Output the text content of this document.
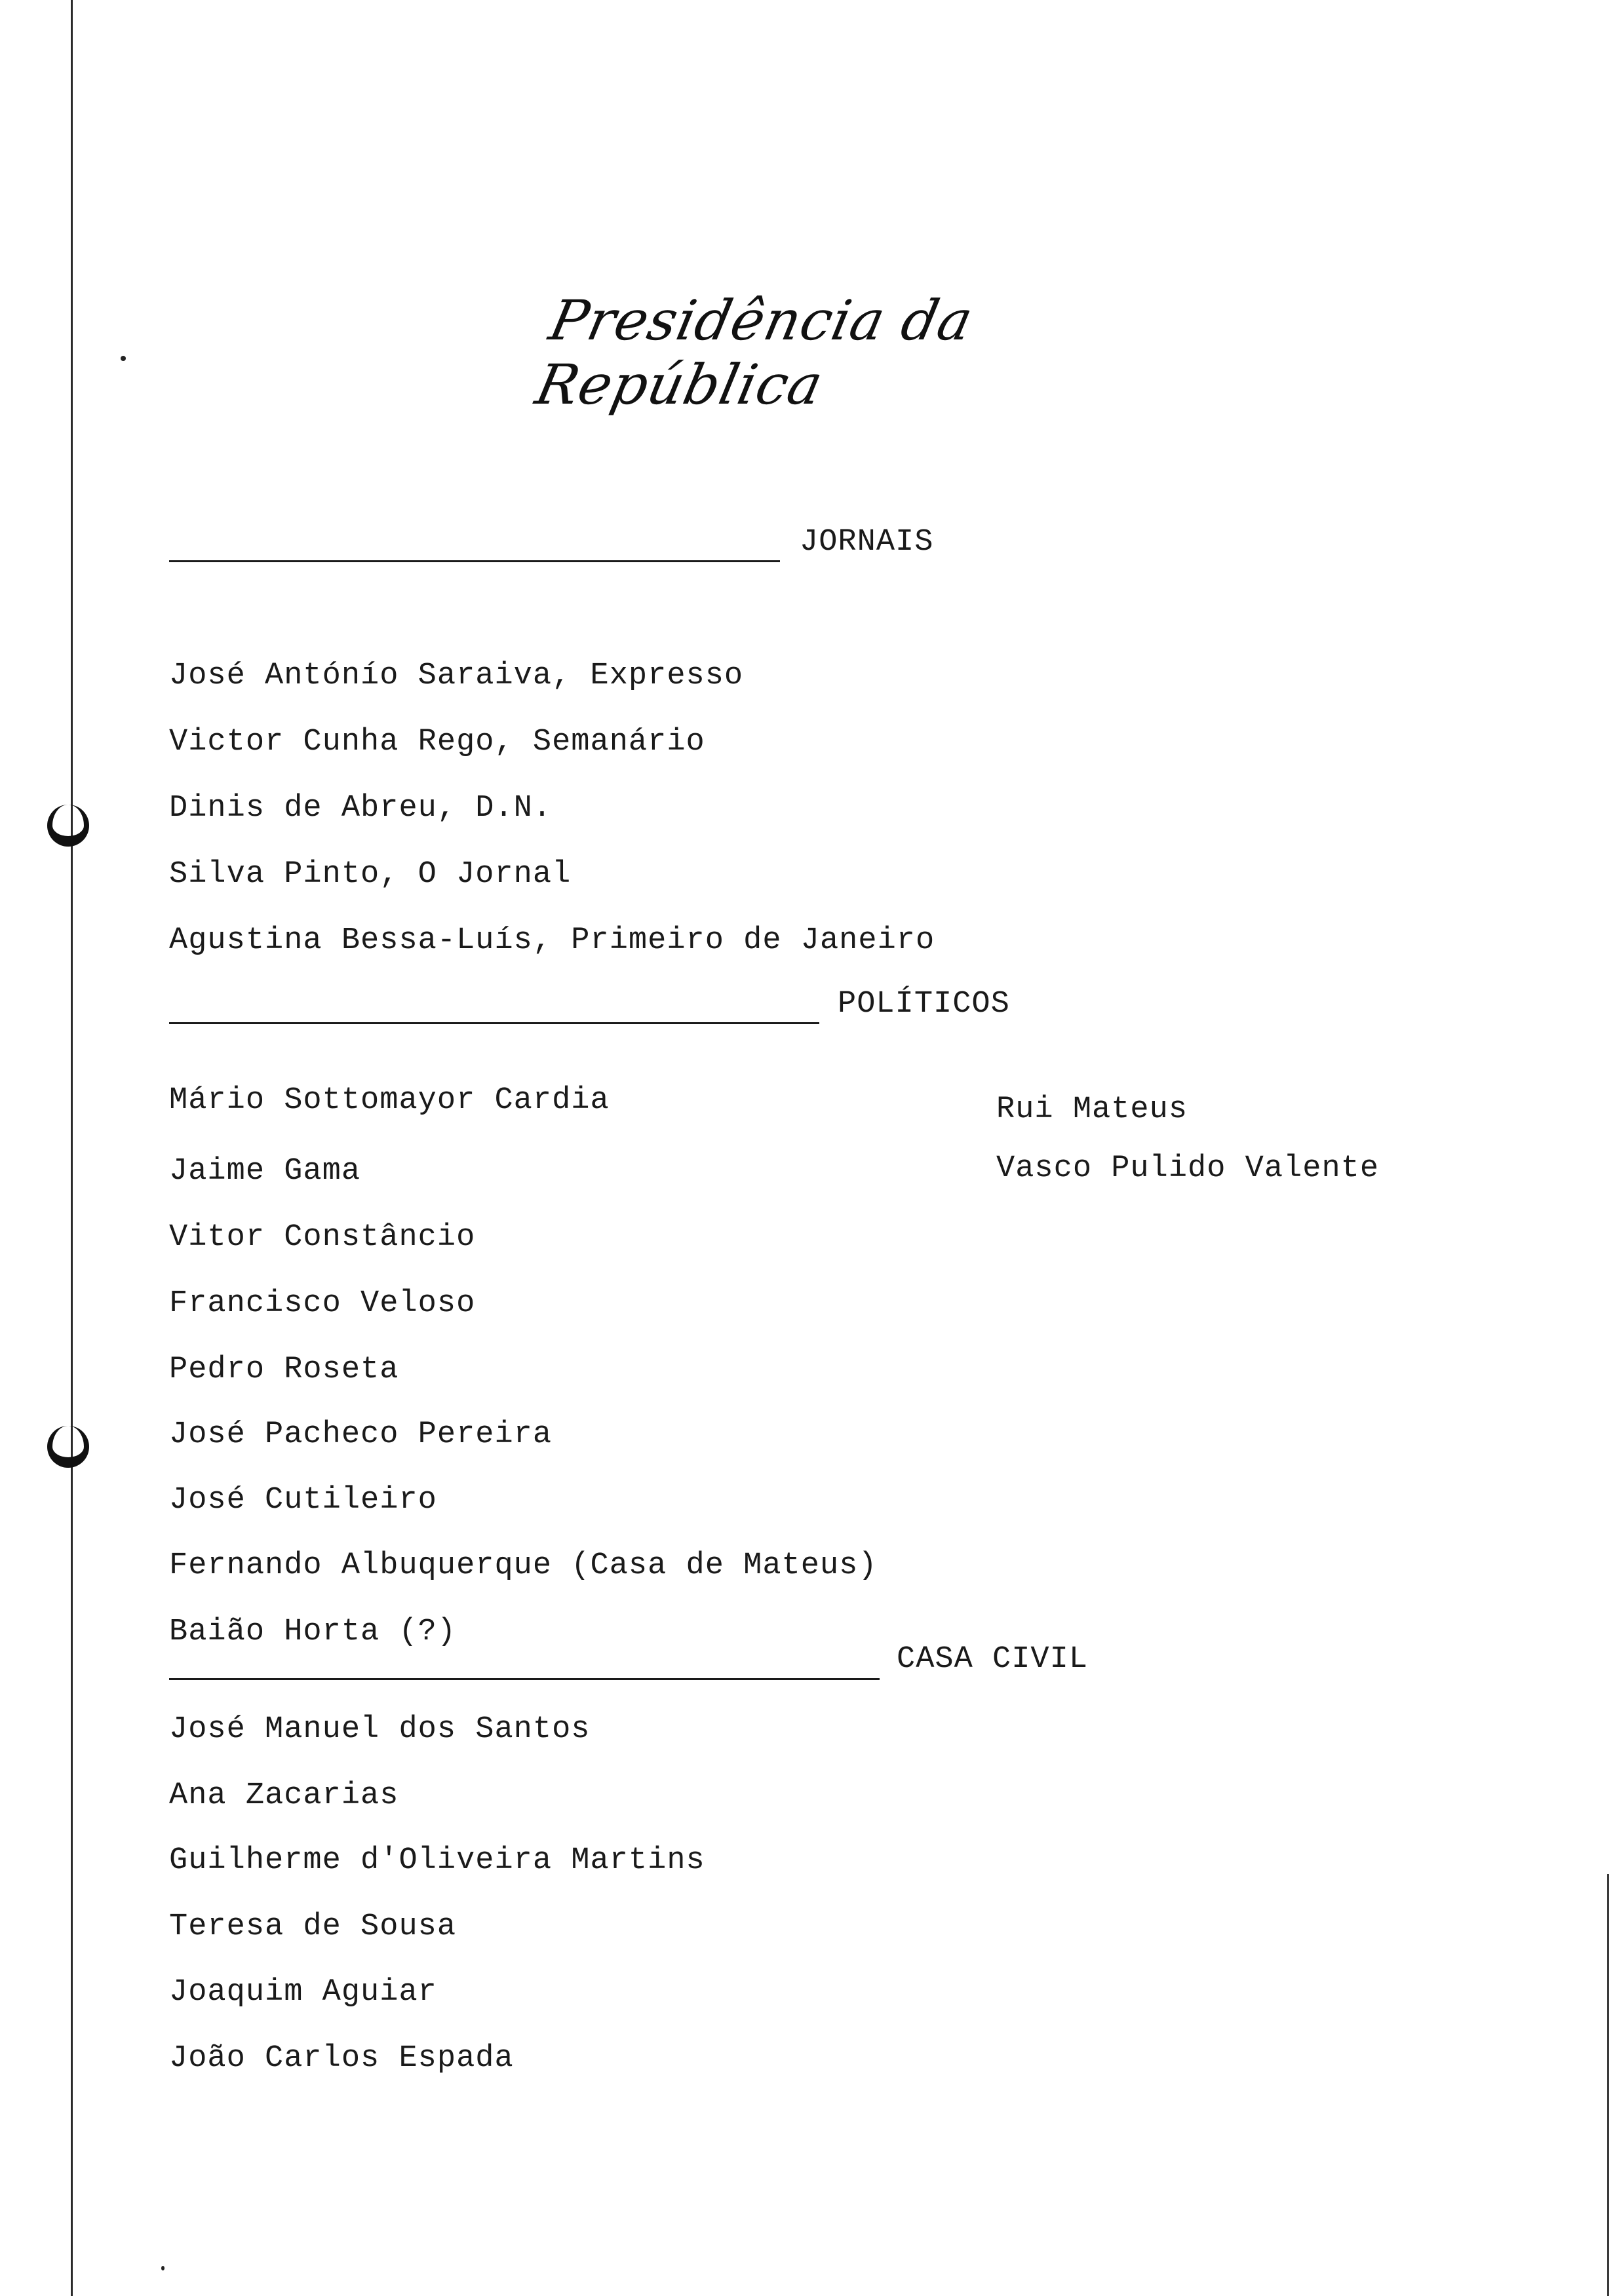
Presidência da República
JORNAIS
José Antónío Saraiva, Expresso
Victor Cunha Rego, Semanário
Dinis de Abreu, D.N.
Silva Pinto, O Jornal
Agustina Bessa-Luís, Primeiro de Janeiro
POLÍTICOS
Mário Sottomayor Cardia
Jaime Gama
Vitor Constâncio
Francisco Veloso
Pedro Roseta
José Pacheco Pereira
José Cutileiro
Fernando Albuquerque (Casa de Mateus)
Baião Horta (?)
Rui Mateus
Vasco Pulido Valente
CASA CIVIL
José Manuel dos Santos
Ana Zacarias
Guilherme d'Oliveira Martins
Teresa de Sousa
Joaquim Aguiar
João Carlos Espada
